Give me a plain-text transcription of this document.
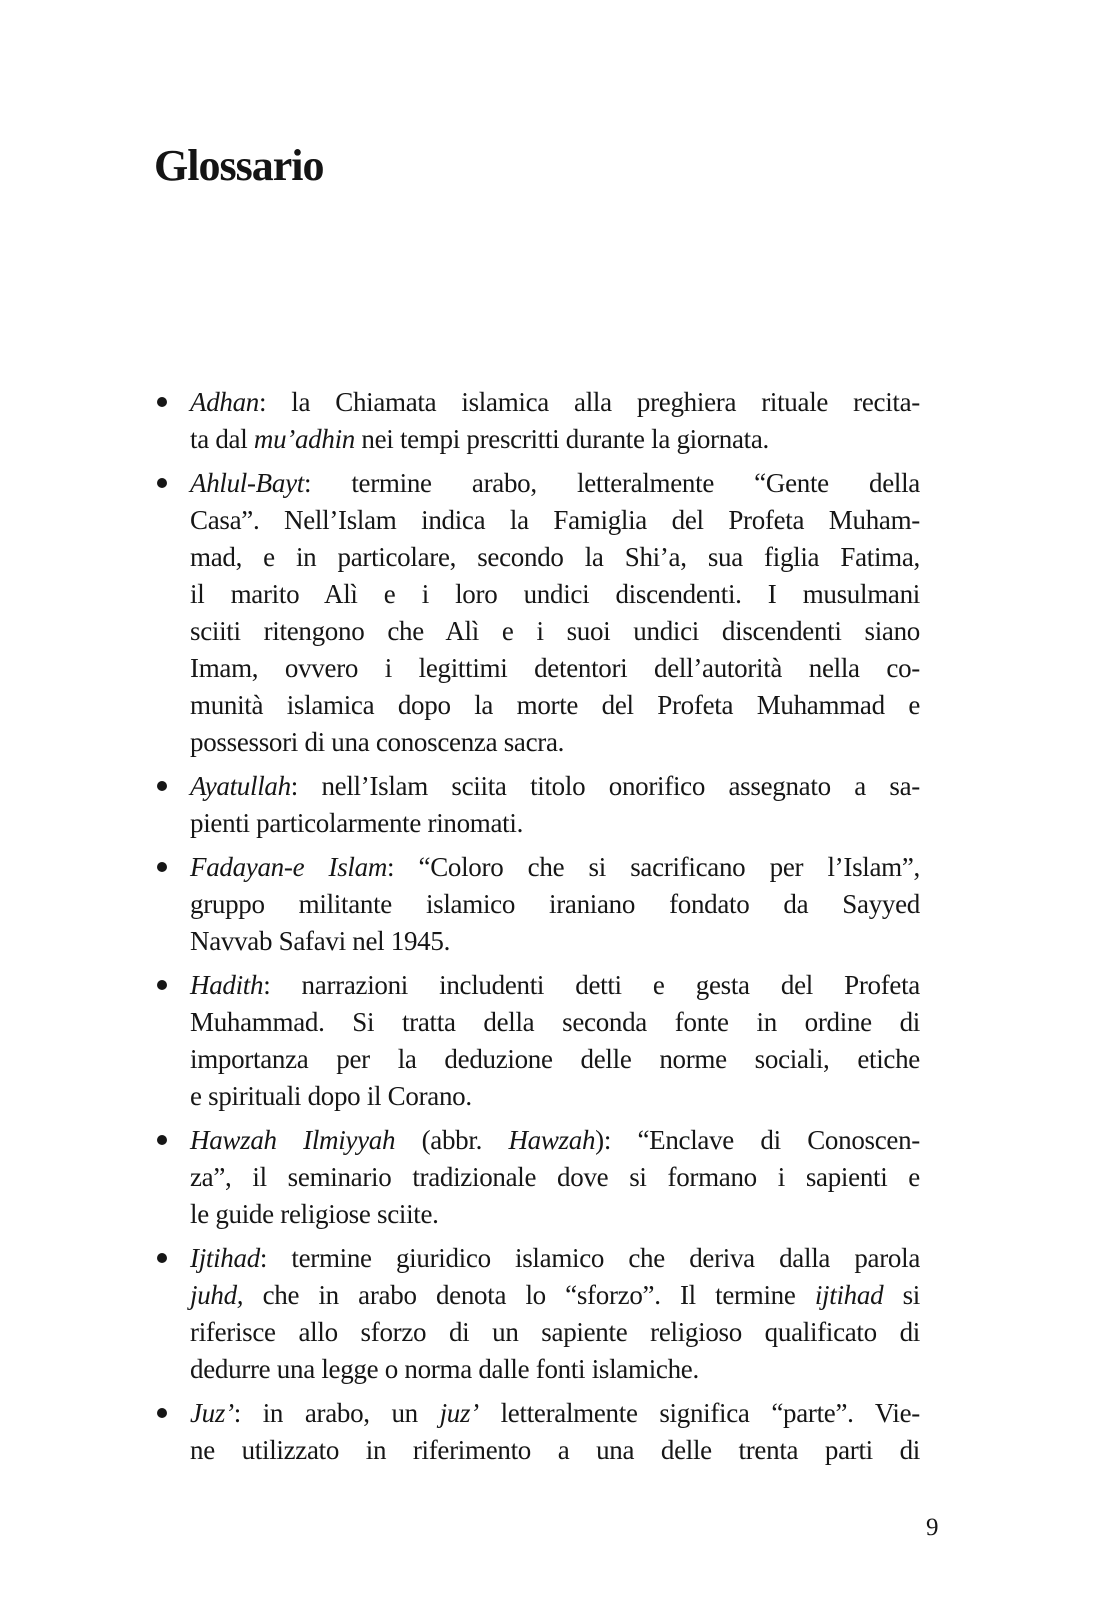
Glossario
Adhan: la Chiamata islamica alla preghiera rituale recita-
ta dal mu’adhin nei tempi prescritti durante la giornata.
Ahlul-Bayt: termine arabo, letteralmente “Gente della
Casa”. Nell’Islam indica la Famiglia del Profeta Muham-
mad, e in particolare, secondo la Shi’a, sua figlia Fatima,
il marito Alì e i loro undici discendenti. I musulmani
sciiti ritengono che Alì e i suoi undici discendenti siano
Imam, ovvero i legittimi detentori dell’autorità nella co-
munità islamica dopo la morte del Profeta Muhammad e
possessori di una conoscenza sacra.
Ayatullah: nell’Islam sciita titolo onorifico assegnato a sa-
pienti particolarmente rinomati.
Fadayan-e Islam: “Coloro che si sacrificano per l’Islam”,
gruppo militante islamico iraniano fondato da Sayyed
Navvab Safavi nel 1945.
Hadith: narrazioni includenti detti e gesta del Profeta
Muhammad. Si tratta della seconda fonte in ordine di
importanza per la deduzione delle norme sociali, etiche
e spirituali dopo il Corano.
Hawzah Ilmiyyah (abbr. Hawzah): “Enclave di Conoscen-
za”, il seminario tradizionale dove si formano i sapienti e
le guide religiose sciite.
Ijtihad: termine giuridico islamico che deriva dalla parola
juhd, che in arabo denota lo “sforzo”. Il termine ijtihad si
riferisce allo sforzo di un sapiente religioso qualificato di
dedurre una legge o norma dalle fonti islamiche.
Juz’: in arabo, un juz’ letteralmente significa “parte”. Vie-
ne utilizzato in riferimento a una delle trenta parti di
9
